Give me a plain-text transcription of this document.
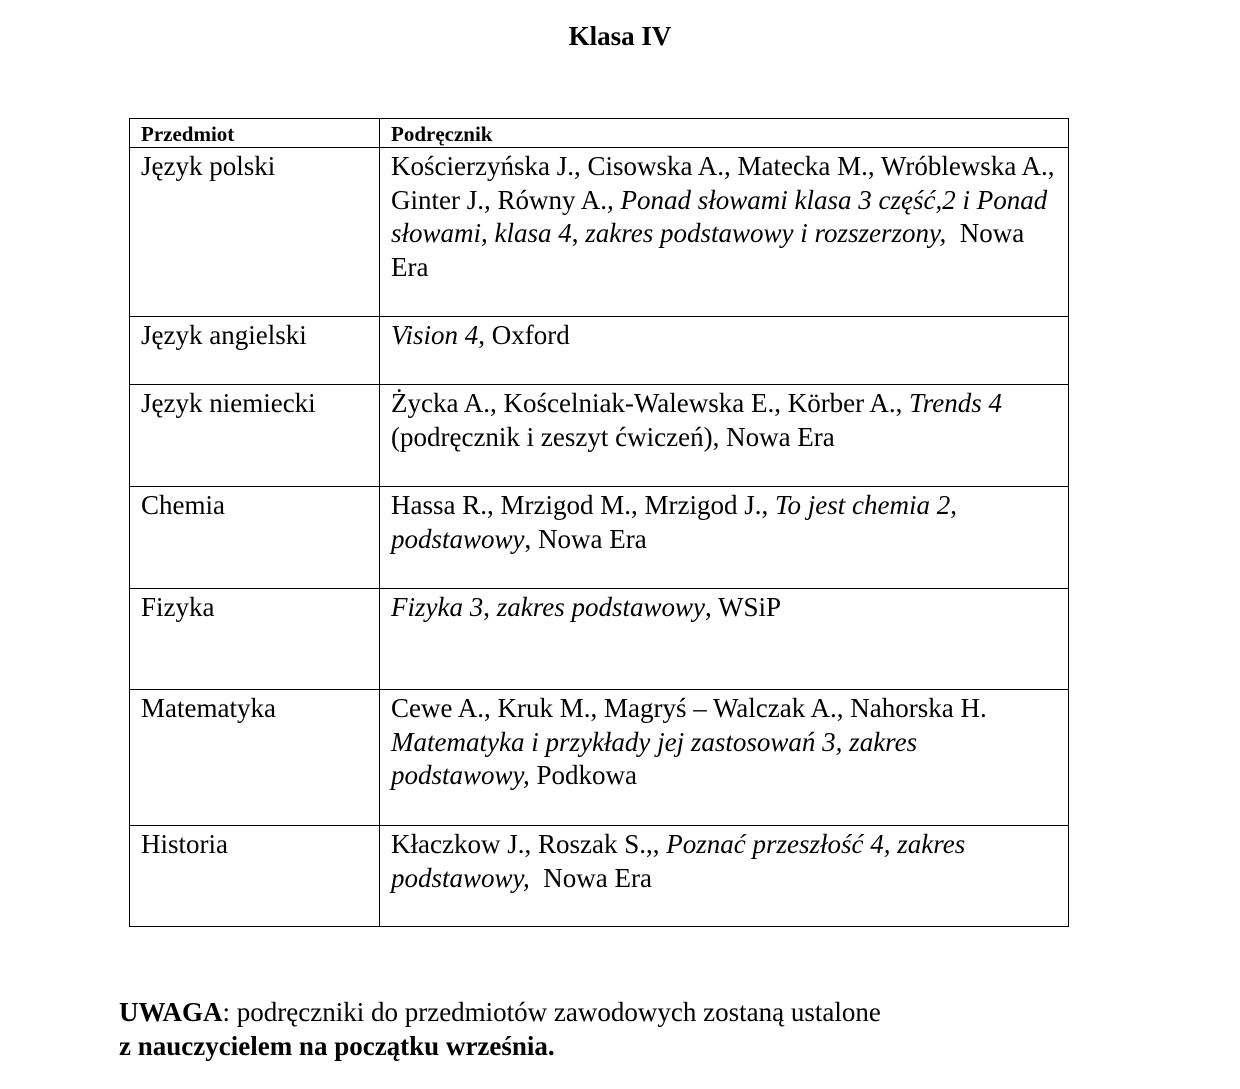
Klasa IV
Przedmiot	Podręcznik
Język polski	Kościerzyńska J., Cisowska A., Matecka M., Wróblewska A., Ginter J., Równy A., Ponad słowami klasa 3 część,2 i Ponad słowami, klasa 4, zakres podstawowy i rozszerzony,  Nowa Era
Język angielski	Vision 4, Oxford
Język niemiecki	Życka A., Koścelniak-Walewska E., Körber A., Trends 4 (podręcznik i zeszyt ćwiczeń), Nowa Era
Chemia	Hassa R., Mrzigod M., Mrzigod J., To jest chemia 2, podstawowy, Nowa Era
Fizyka	Fizyka 3, zakres podstawowy, WSiP
Matematyka	Cewe A., Kruk M., Magryś – Walczak A., Nahorska H. Matematyka i przykłady jej zastosowań 3, zakres podstawowy, Podkowa
Historia	Kłaczkow J., Roszak S.,, Poznać przeszłość 4, zakres podstawowy,  Nowa Era
UWAGA: podręczniki do przedmiotów zawodowych zostaną ustalone
z nauczycielem na początku września.
